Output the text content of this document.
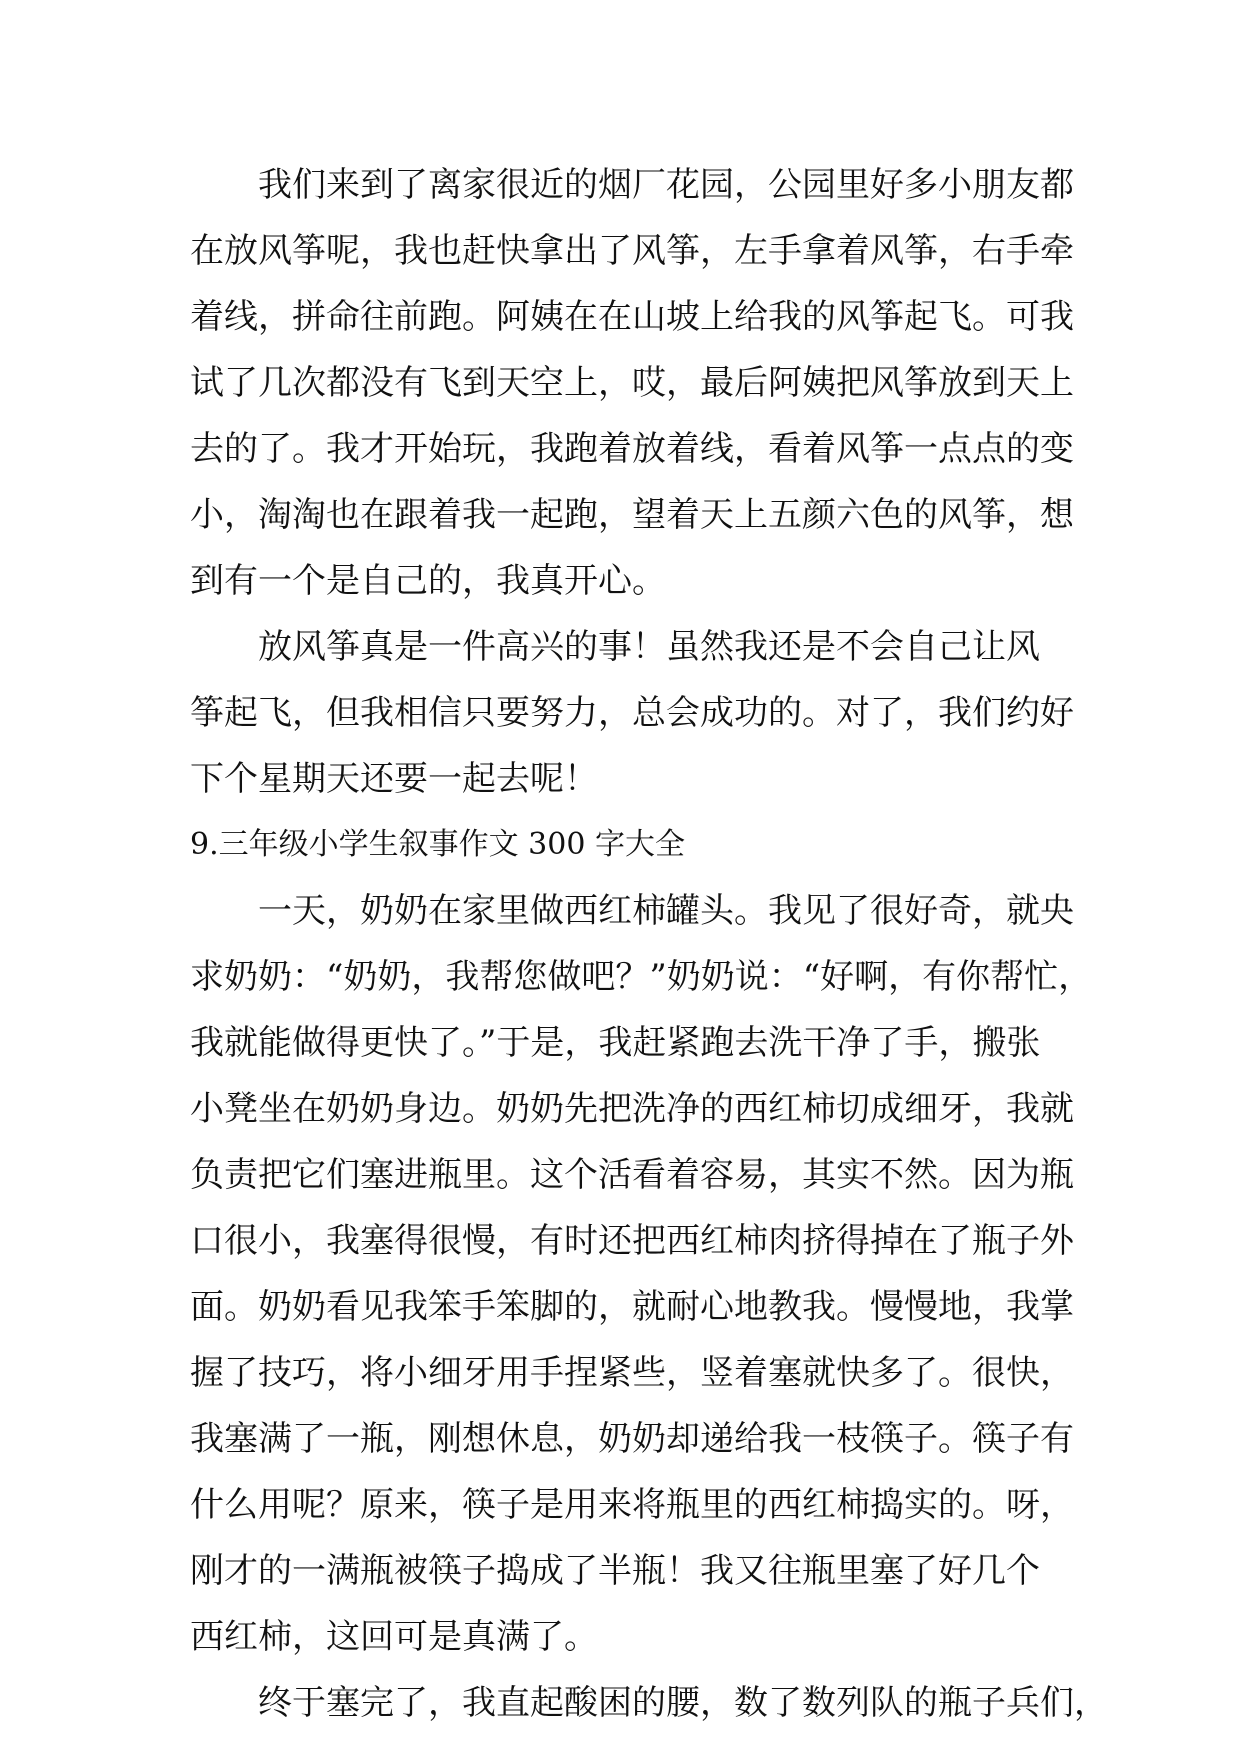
我们来到了离家很近的烟厂花园，公园里好多小朋友都
在放风筝呢，我也赶快拿出了风筝，左手拿着风筝，右手牵
着线，拼命往前跑。阿姨在在山坡上给我的风筝起飞。可我
试了几次都没有飞到天空上，哎，最后阿姨把风筝放到天上
去的了。我才开始玩，我跑着放着线，看着风筝一点点的变
小，淘淘也在跟着我一起跑，望着天上五颜六色的风筝，想
到有一个是自己的，我真开心。
放风筝真是一件高兴的事！虽然我还是不会自己让风
筝起飞，但我相信只要努力，总会成功的。对了，我们约好
下个星期天还要一起去呢！
9.三年级小学生叙事作文 300 字大全
一天，奶奶在家里做西红柿罐头。我见了很好奇，就央
求奶奶：“奶奶，我帮您做吧？”奶奶说：“好啊，有你帮忙，
我就能做得更快了。”于是，我赶紧跑去洗干净了手，搬张
小凳坐在奶奶身边。奶奶先把洗净的西红柿切成细牙，我就
负责把它们塞进瓶里。这个活看着容易，其实不然。因为瓶
口很小，我塞得很慢，有时还把西红柿肉挤得掉在了瓶子外
面。奶奶看见我笨手笨脚的，就耐心地教我。慢慢地，我掌
握了技巧，将小细牙用手捏紧些，竖着塞就快多了。很快，
我塞满了一瓶，刚想休息，奶奶却递给我一枝筷子。筷子有
什么用呢？原来，筷子是用来将瓶里的西红柿捣实的。呀，
刚才的一满瓶被筷子捣成了半瓶！我又往瓶里塞了好几个
西红柿，这回可是真满了。
终于塞完了，我直起酸困的腰，数了数列队的瓶子兵们，
